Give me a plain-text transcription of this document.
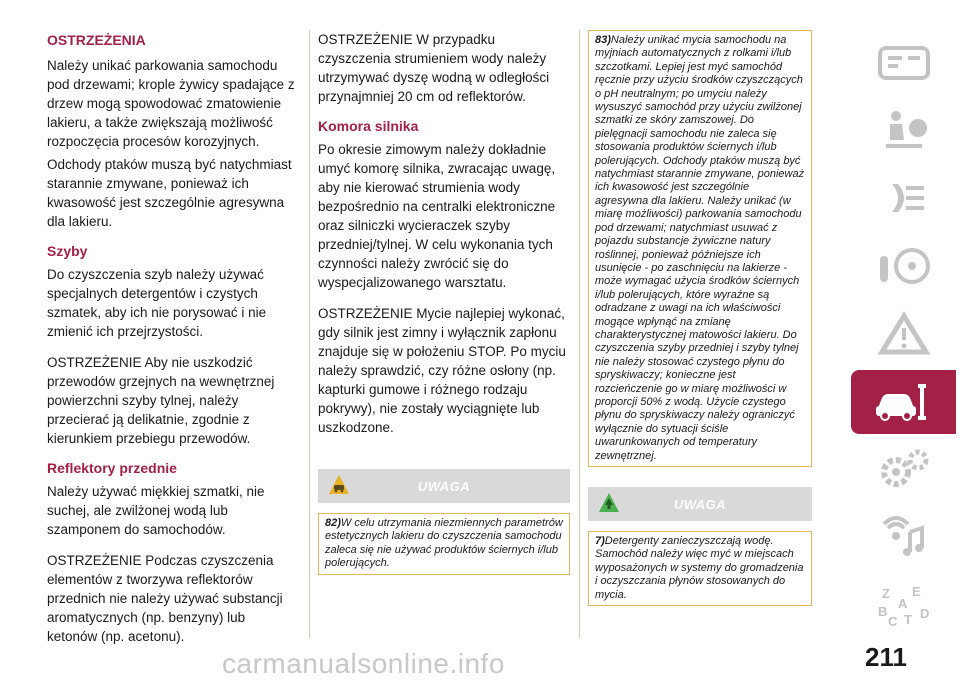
OSTRZEŻENIA

Należy unikać parkowania samochodu pod drzewami; krople żywicy spadające z drzew mogą spowodować zmatowienie lakieru, a także zwiększają możliwość rozpoczęcia procesów korozyjnych.

Odchody ptaków muszą być natychmiast starannie zmywane, ponieważ ich kwasowość jest szczególnie agresywna dla lakieru.

Szyby

Do czyszczenia szyb należy używać specjalnych detergentów i czystych szmatek, aby ich nie porysować i nie zmienić ich przejrzystości.

OSTRZEŻENIE Aby nie uszkodzić przewodów grzejnych na wewnętrznej powierzchni szyby tylnej, należy przecierać ją delikatnie, zgodnie z kierunkiem przebiegu przewodów.

Reflektory przednie

Należy używać miękkiej szmatki, nie suchej, ale zwilżonej wodą lub szamponem do samochodów.

OSTRZEŻENIE Podczas czyszczenia elementów z tworzywa reflektorów przednich nie należy używać substancji aromatycznych (np. benzyny) lub ketonów (np. acetonu).

OSTRZEŻENIE W przypadku czyszczenia strumieniem wody należy utrzymywać dyszę wodną w odległości przynajmniej 20 cm od reflektorów.

Komora silnika

Po okresie zimowym należy dokładnie umyć komorę silnika, zwracając uwagę, aby nie kierować strumienia wody bezpośrednio na centralki elektroniczne oraz silniczki wycieraczek szyby przedniej/tylnej. W celu wykonania tych czynności należy zwrócić się do wyspecjalizowanego warsztatu.

OSTRZEŻENIE Mycie najlepiej wykonać, gdy silnik jest zimny i wyłącznik zapłonu znajduje się w położeniu STOP. Po myciu należy sprawdzić, czy różne osłony (np. kapturki gumowe i różnego rodzaju pokrywy), nie zostały wyciągnięte lub uszkodzone.

UWAGA
82)W celu utrzymania niezmiennych parametrów estetycznych lakieru do czyszczenia samochodu zaleca się nie używać produktów ściernych i/lub polerujących.
83)Należy unikać mycia samochodu na myjniach automatycznych z rolkami i/lub szczotkami. Lepiej jest myć samochód ręcznie przy użyciu środków czyszczących o pH neutralnym; po umyciu należy wysuszyć samochód przy użyciu zwilżonej szmatki ze skóry zamszowej. Do pielęgnacji samochodu nie zaleca się stosowania produktów ściernych i/lub polerujących. Odchody ptaków muszą być natychmiast starannie zmywane, ponieważ ich kwasowość jest szczególnie agresywna dla lakieru. Należy unikać (w miarę możliwości) parkowania samochodu pod drzewami; natychmiast usuwać z pojazdu substancje żywiczne natury roślinnej, ponieważ późniejsze ich usunięcie - po zaschnięciu na lakierze - może wymagać użycia środków ściernych i/lub polerujących, które wyraźne są odradzane z uwagi na ich właściwości mogące wpłynąć na zmianę charakterystycznej matowości lakieru. Do czyszczenia szyby przedniej i szyby tylnej nie należy stosować czystego płynu do spryskiwaczy; konieczne jest rozcieńczenie go w miarę możliwości w proporcji 50% z wodą. Użycie czystego płynu do spryskiwaczy należy ograniczyć wyłącznie do sytuacji ściśle uwarunkowanych od temperatury zewnętrznej.
UWAGA
7)Detergenty zanieczyszczają wodę. Samochód należy więc myć w miejscach wyposażonych w systemy do gromadzenia i oczyszczania płynów stosowanych do mycia.	Z E
A
B
C T D
211
carmanualsonline.info
